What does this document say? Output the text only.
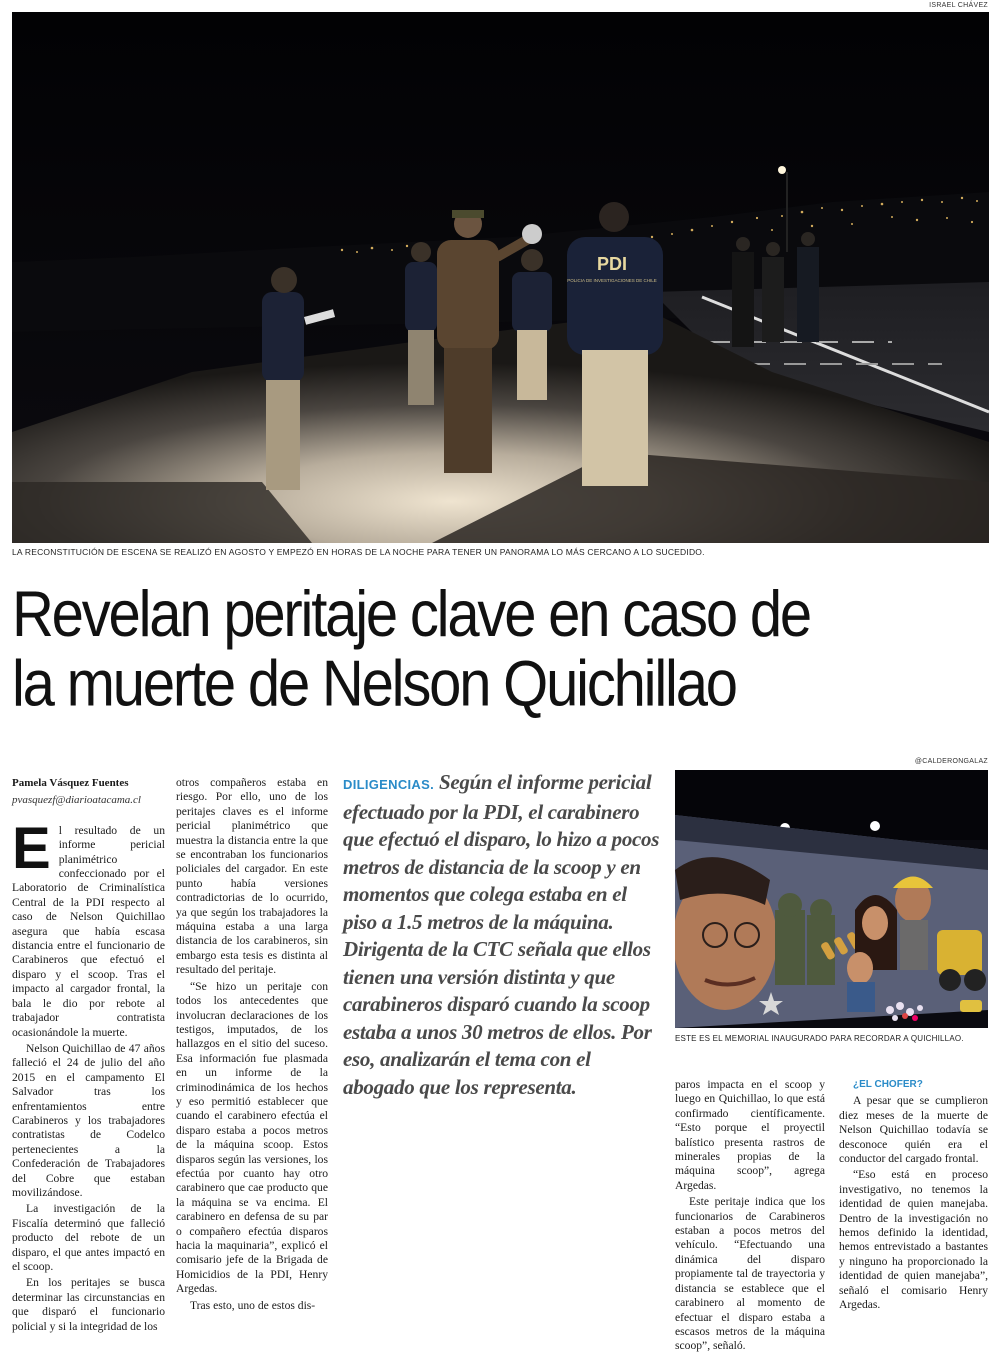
ISRAEL CHÁVEZ
PDI
POLICIA DE INVESTIGACIONES DE CHILE
LA RECONSTITUCIÓN DE ESCENA SE REALIZÓ EN AGOSTO Y EMPEZÓ EN HORAS DE LA NOCHE PARA TENER UN PANORAMA LO MÁS CERCANO A LO SUCEDIDO.
Revelan peritaje clave en caso de
la muerte de Nelson Quichillao
Pamela Vásquez Fuentes
pvasquezf@diarioatacama.cl

El resultado de un informe pericial planimétrico confeccionado por el Laboratorio de Criminalística Central de la PDI respecto al caso de Nelson Quichillao asegura que había escasa distancia entre el funcionario de Carabineros que efectuó el disparo y el scoop. Tras el impacto al cargador frontal, la bala le dio por rebote al trabajador contratista ocasionándole la muerte.

Nelson Quichillao de 47 años falleció el 24 de julio del año 2015 en el campamento El Salvador tras los enfrentamientos entre Carabineros y los trabajadores contratistas de Codelco pertenecientes a la Confederación de Trabajadores del Cobre que estaban movilizándose.

La investigación de la Fiscalía determinó que falleció producto del rebote de un disparo, el que antes impactó en el scoop.

En los peritajes se busca determinar las circunstancias en que disparó el funcionario policial y si la integridad de los

otros compañeros estaba en riesgo. Por ello, uno de los peritajes claves es el informe pericial planimétrico que muestra la distancia entre la que se encontraban los funcionarios policiales del cargador. En este punto había versiones contradictorias de lo ocurrido, ya que según los trabajadores la máquina estaba a una larga distancia de los carabineros, sin embargo esta tesis es distinta al resultado del peritaje.

“Se hizo un peritaje con todos los antecedentes que involucran declaraciones de los testigos, imputados, de los hallazgos en el sitio del suceso. Esa información fue plasmada en un informe de la criminodinámica de los hechos y eso permitió establecer que cuando el carabinero efectúa el disparo estaba a pocos metros de la máquina scoop. Estos disparos según las versiones, los efectúa por cuanto hay otro carabinero que cae producto que la máquina se va encima. El carabinero en defensa de su par o compañero efectúa disparos hacia la maquinaria”, explicó el comisario jefe de la Brigada de Homicidios de la PDI, Henry Argedas.

Tras esto, uno de estos dis-

DILIGENCIAS. Según el informe pericial efectuado por la PDI, el carabinero que efectuó el disparo, lo hizo a pocos metros de distancia de la scoop y en momentos que colega estaba en el piso a 1.5 metros de la máquina.
Dirigenta de la CTC señala que ellos tienen una versión distinta y que carabineros disparó cuando la scoop estaba a unos 30 metros de ellos. Por eso, analizarán el tema con el abogado que los representa.
@CALDERONGALAZ
ESTE ES EL MEMORIAL INAUGURADO PARA RECORDAR A QUICHILLAO.

paros impacta en el scoop y luego en Quichillao, lo que está confirmado científicamente. “Esto porque el proyectil balístico presenta rastros de minerales propias de la máquina scoop”, agrega Argedas.

Este peritaje indica que los funcionarios de Carabineros estaban a pocos metros del vehículo. “Efectuando una dinámica del disparo propiamente tal de trayectoria y distancia se establece que el carabinero al momento de efectuar el disparo estaba a escasos metros de la máquina scoop”, señaló.

¿EL CHOFER?

A pesar que se cumplieron diez meses de la muerte de Nelson Quichillao todavía se desconoce quién era el conductor del cargado frontal.

“Eso está en proceso investigativo, no tenemos la identidad de quien manejaba. Dentro de la investigación no hemos definido la identidad, hemos entrevistado a bastantes y ninguno ha proporcionado la identidad de quien manejaba”, señaló el comisario Henry Argedas.
